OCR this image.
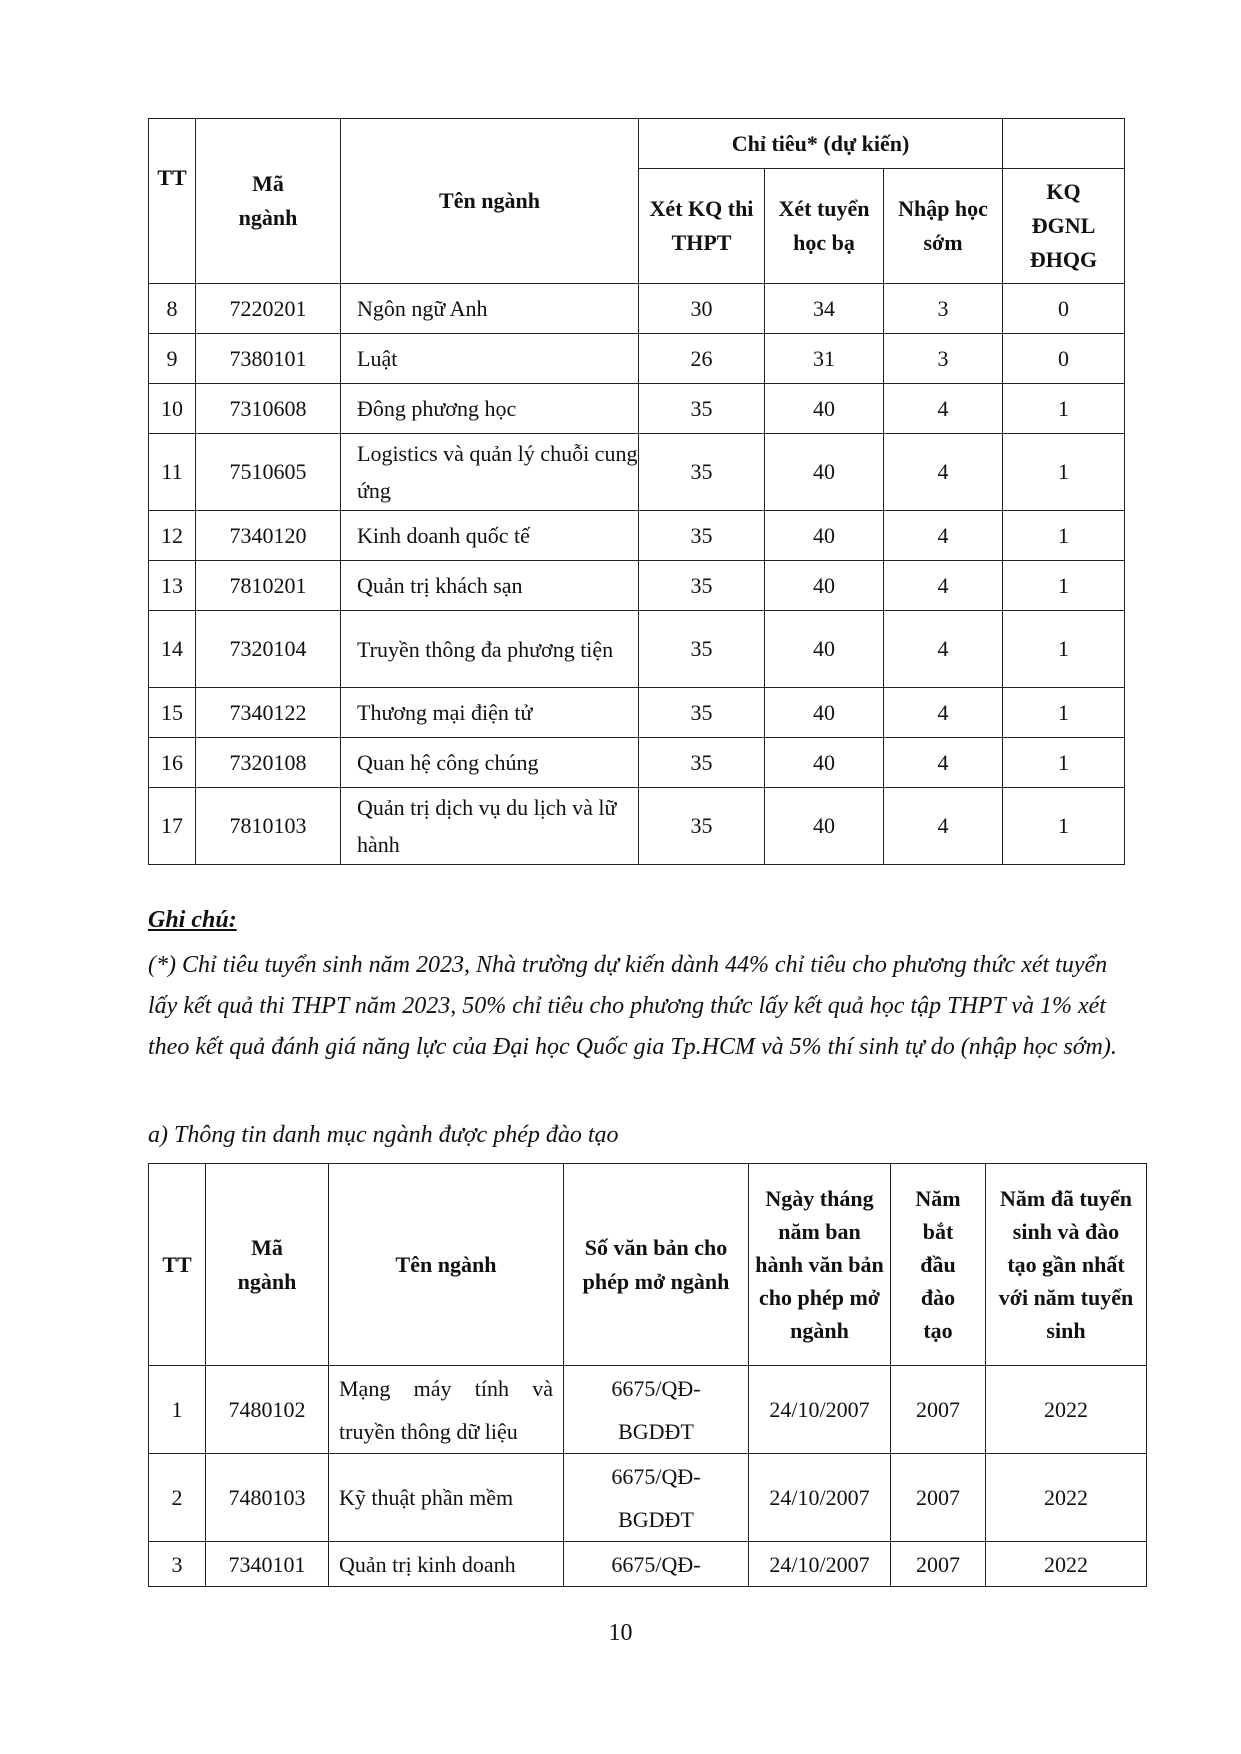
TT	Mã ngành	Tên ngành	Chỉ tiêu* (dự kiến)			
			Xét KQ thi THPT	Xét tuyển học bạ	Nhập học sớm	KQ ĐGNL ĐHQG
8	7220201	Ngôn ngữ Anh	30	34	3	0
9	7380101	Luật	26	31	3	0
10	7310608	Đông phương học	35	40	4	1
11	7510605	Logistics và quản lý chuỗi cung ứng	35	40	4	1
12	7340120	Kinh doanh quốc tế	35	40	4	1
13	7810201	Quản trị khách sạn	35	40	4	1
14	7320104	Truyền thông đa phương tiện	35	40	4	1
15	7340122	Thương mại điện tử	35	40	4	1
16	7320108	Quan hệ công chúng	35	40	4	1
17	7810103	Quản trị dịch vụ du lịch và lữ hành	35	40	4	1
Ghi chú:
(*) Chỉ tiêu tuyển sinh năm 2023, Nhà trường dự kiến dành 44% chỉ tiêu cho phương thức xét tuyển lấy kết quả thi THPT năm 2023, 50% chỉ tiêu cho phương thức lấy kết quả học tập THPT và 1% xét theo kết quả đánh giá năng lực của Đại học Quốc gia Tp.HCM và 5% thí sinh tự do (nhập học sớm).
a) Thông tin danh mục ngành được phép đào tạo
TT	Mã ngành	Tên ngành	Số văn bản cho phép mở ngành	Ngày tháng năm ban hành văn bản cho phép mở ngành	Năm bắt đầu đào tạo	Năm đã tuyển sinh và đào tạo gần nhất với năm tuyển sinh
1	7480102	Mạng máy tính và truyền thông dữ liệu	6675/QĐ-BGDĐT	24/10/2007	2007	2022
2	7480103	Kỹ thuật phần mềm	6675/QĐ-BGDĐT	24/10/2007	2007	2022
3	7340101	Quản trị kinh doanh	6675/QĐ-	24/10/2007	2007	2022
10
